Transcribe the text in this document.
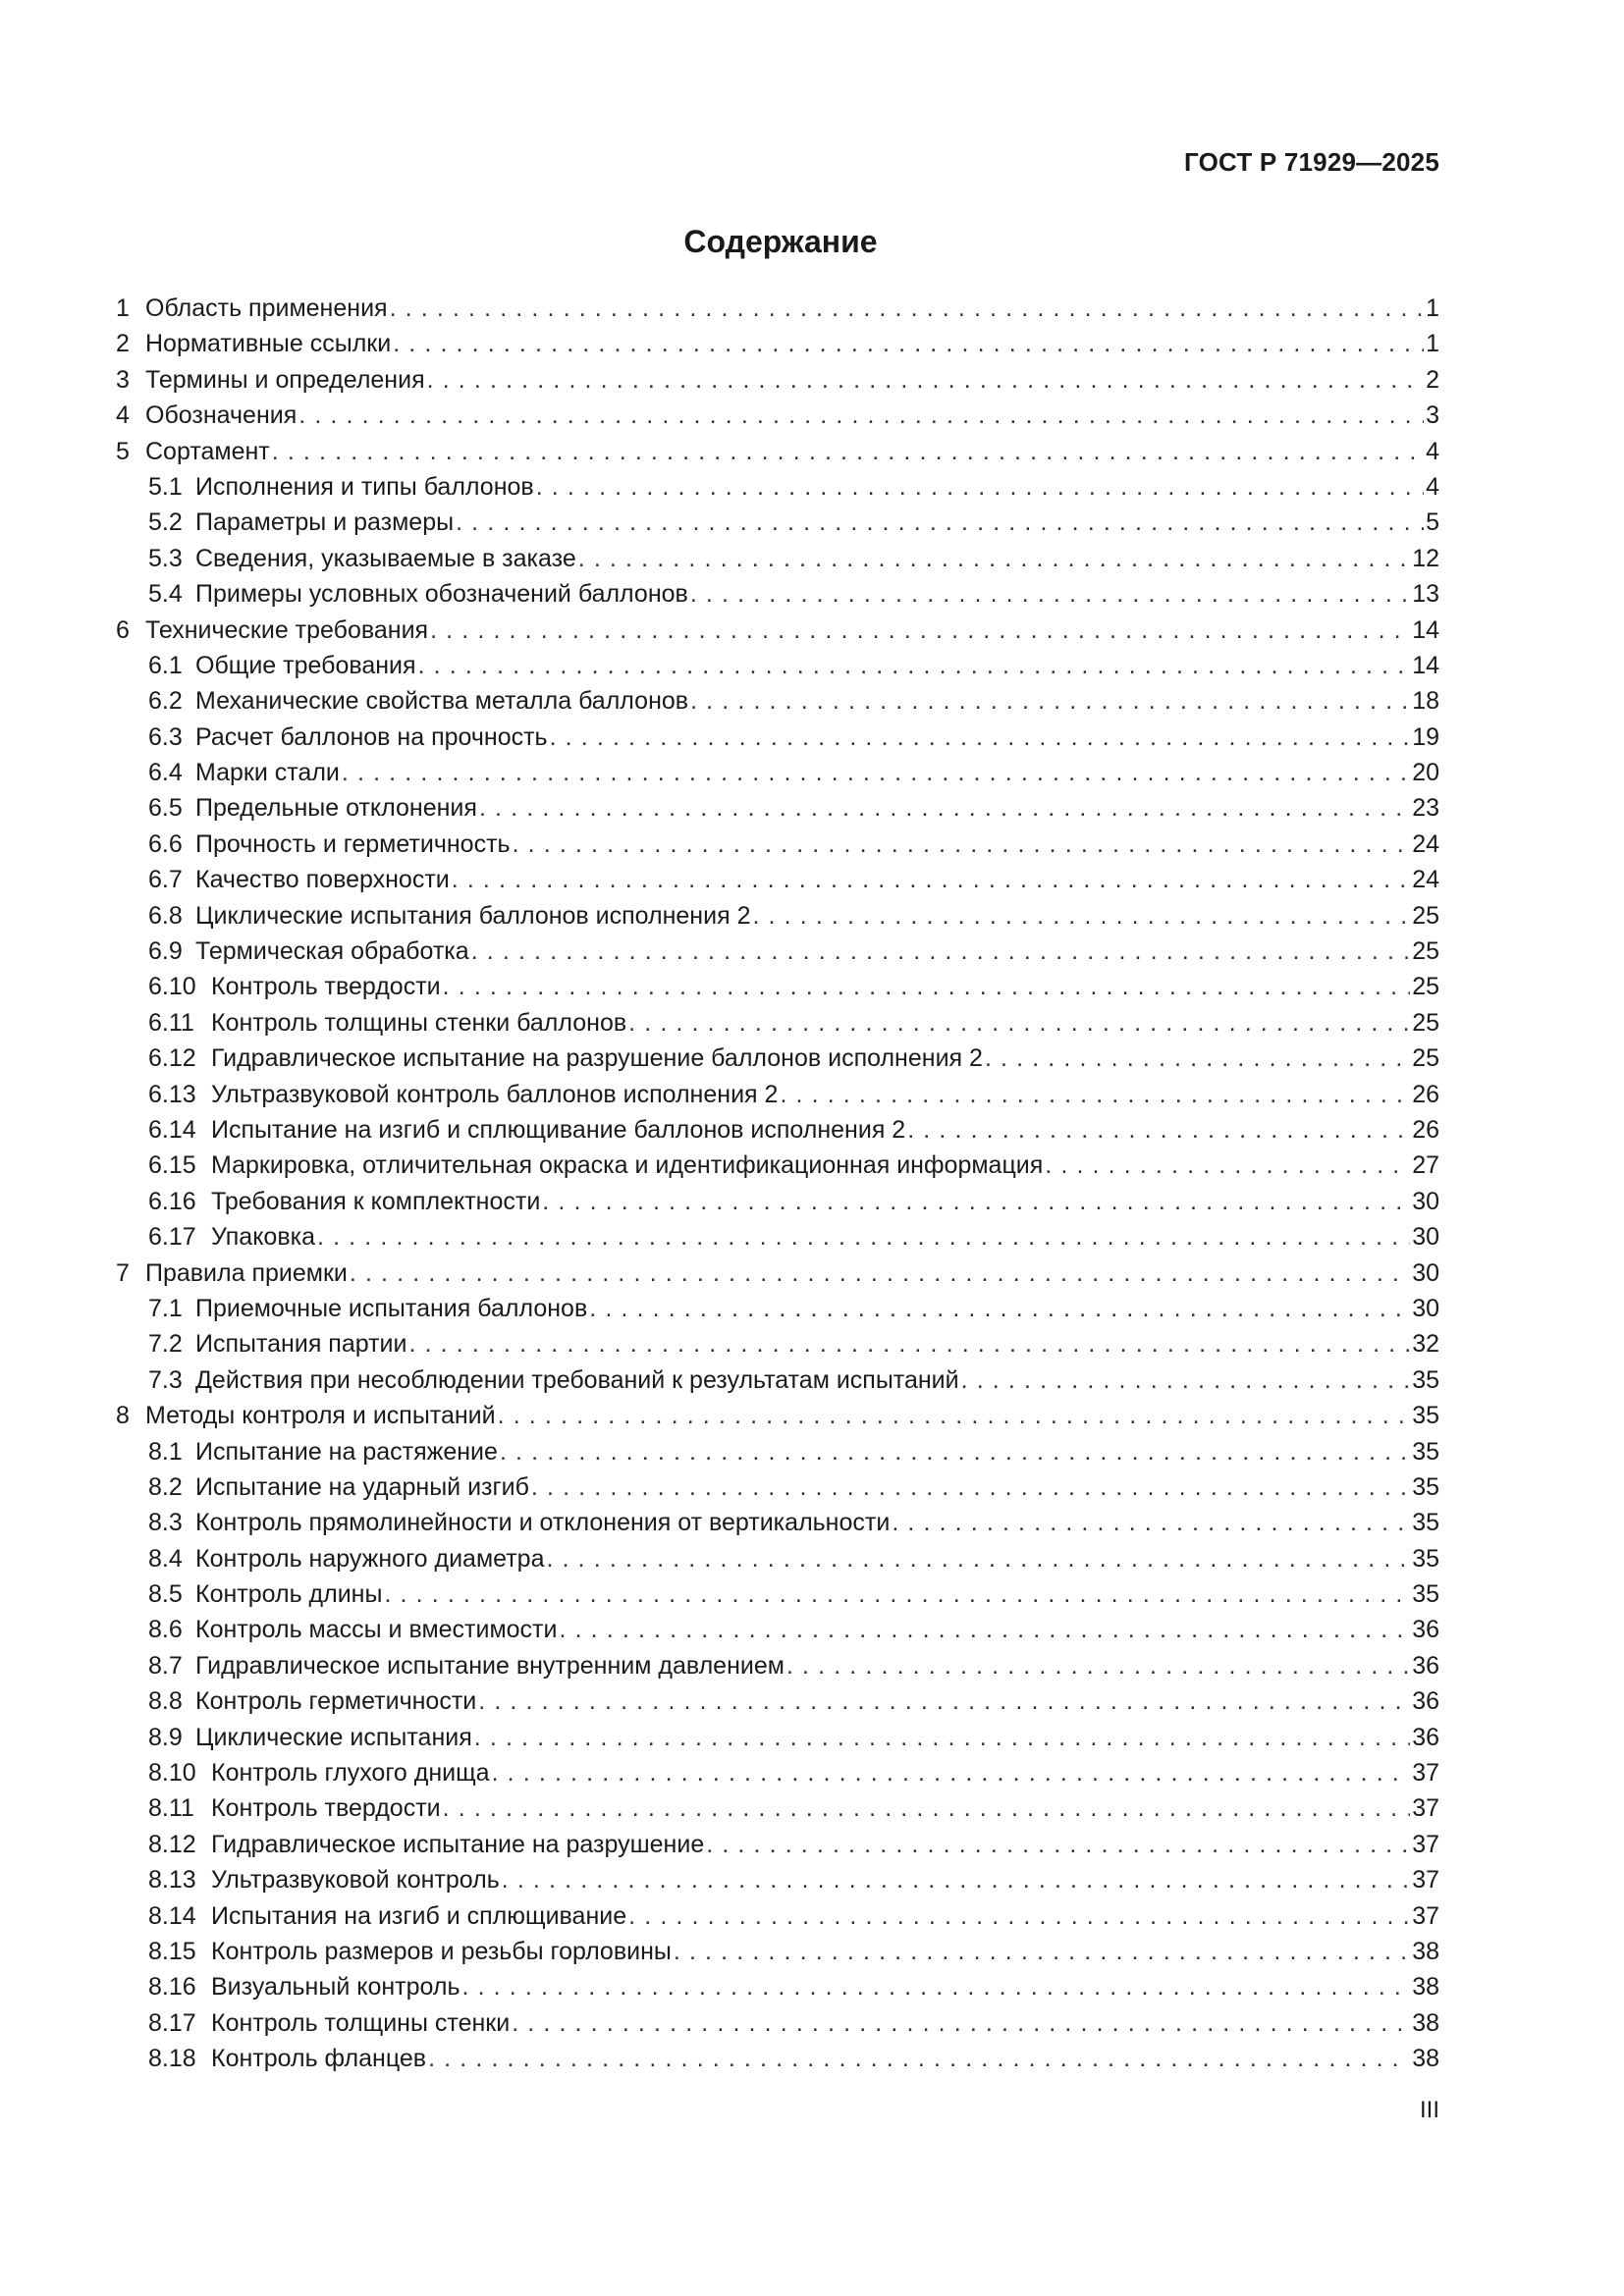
ГОСТ Р 71929—2025
Содержание
1 Область применения . . .	1
2 Нормативные ссылки . . .	1
3 Термины и определения . . .	2
4 Обозначения . . .	3
5 Сортамент . . .	4
5.1 Исполнения и типы баллонов . . .	4
5.2 Параметры и размеры . . .	5
5.3 Сведения, указываемые в заказе . . .	12
5.4 Примеры условных обозначений баллонов . . .	13
6 Технические требования . . .	14
6.1 Общие требования . . .	14
6.2 Механические свойства металла баллонов . . .	18
6.3 Расчет баллонов на прочность . . .	19
6.4 Марки стали . . .	20
6.5 Предельные отклонения . . .	23
6.6 Прочность и герметичность . . .	24
6.7 Качество поверхности . . .	24
6.8 Циклические испытания баллонов исполнения 2 . . .	25
6.9 Термическая обработка . . .	25
6.10 Контроль твердости . . .	25
6.11 Контроль толщины стенки баллонов . . .	25
6.12 Гидравлическое испытание на разрушение баллонов исполнения 2 . . .	25
6.13 Ультразвуковой контроль баллонов исполнения 2 . . .	26
6.14 Испытание на изгиб и сплющивание баллонов исполнения 2 . . .	26
6.15 Маркировка, отличительная окраска и идентификационная информация . . .	27
6.16 Требования к комплектности . . .	30
6.17 Упаковка . . .	30
7 Правила приемки . . .	30
7.1 Приемочные испытания баллонов . . .	30
7.2 Испытания партии . . .	32
7.3 Действия при несоблюдении требований к результатам испытаний . . .	35
8 Методы контроля и испытаний . . .	35
8.1 Испытание на растяжение . . .	35
8.2 Испытание на ударный изгиб . . .	35
8.3 Контроль прямолинейности и отклонения от вертикальности . . .	35
8.4 Контроль наружного диаметра . . .	35
8.5 Контроль длины . . .	35
8.6 Контроль массы и вместимости . . .	36
8.7 Гидравлическое испытание внутренним давлением . . .	36
8.8 Контроль герметичности . . .	36
8.9 Циклические испытания . . .	36
8.10 Контроль глухого днища . . .	37
8.11 Контроль твердости . . .	37
8.12 Гидравлическое испытание на разрушение . . .	37
8.13 Ультразвуковой контроль . . .	37
8.14 Испытания на изгиб и сплющивание . . .	37
8.15 Контроль размеров и резьбы горловины . . .	38
8.16 Визуальный контроль . . .	38
8.17 Контроль толщины стенки . . .	38
8.18 Контроль фланцев . . .	38
III
